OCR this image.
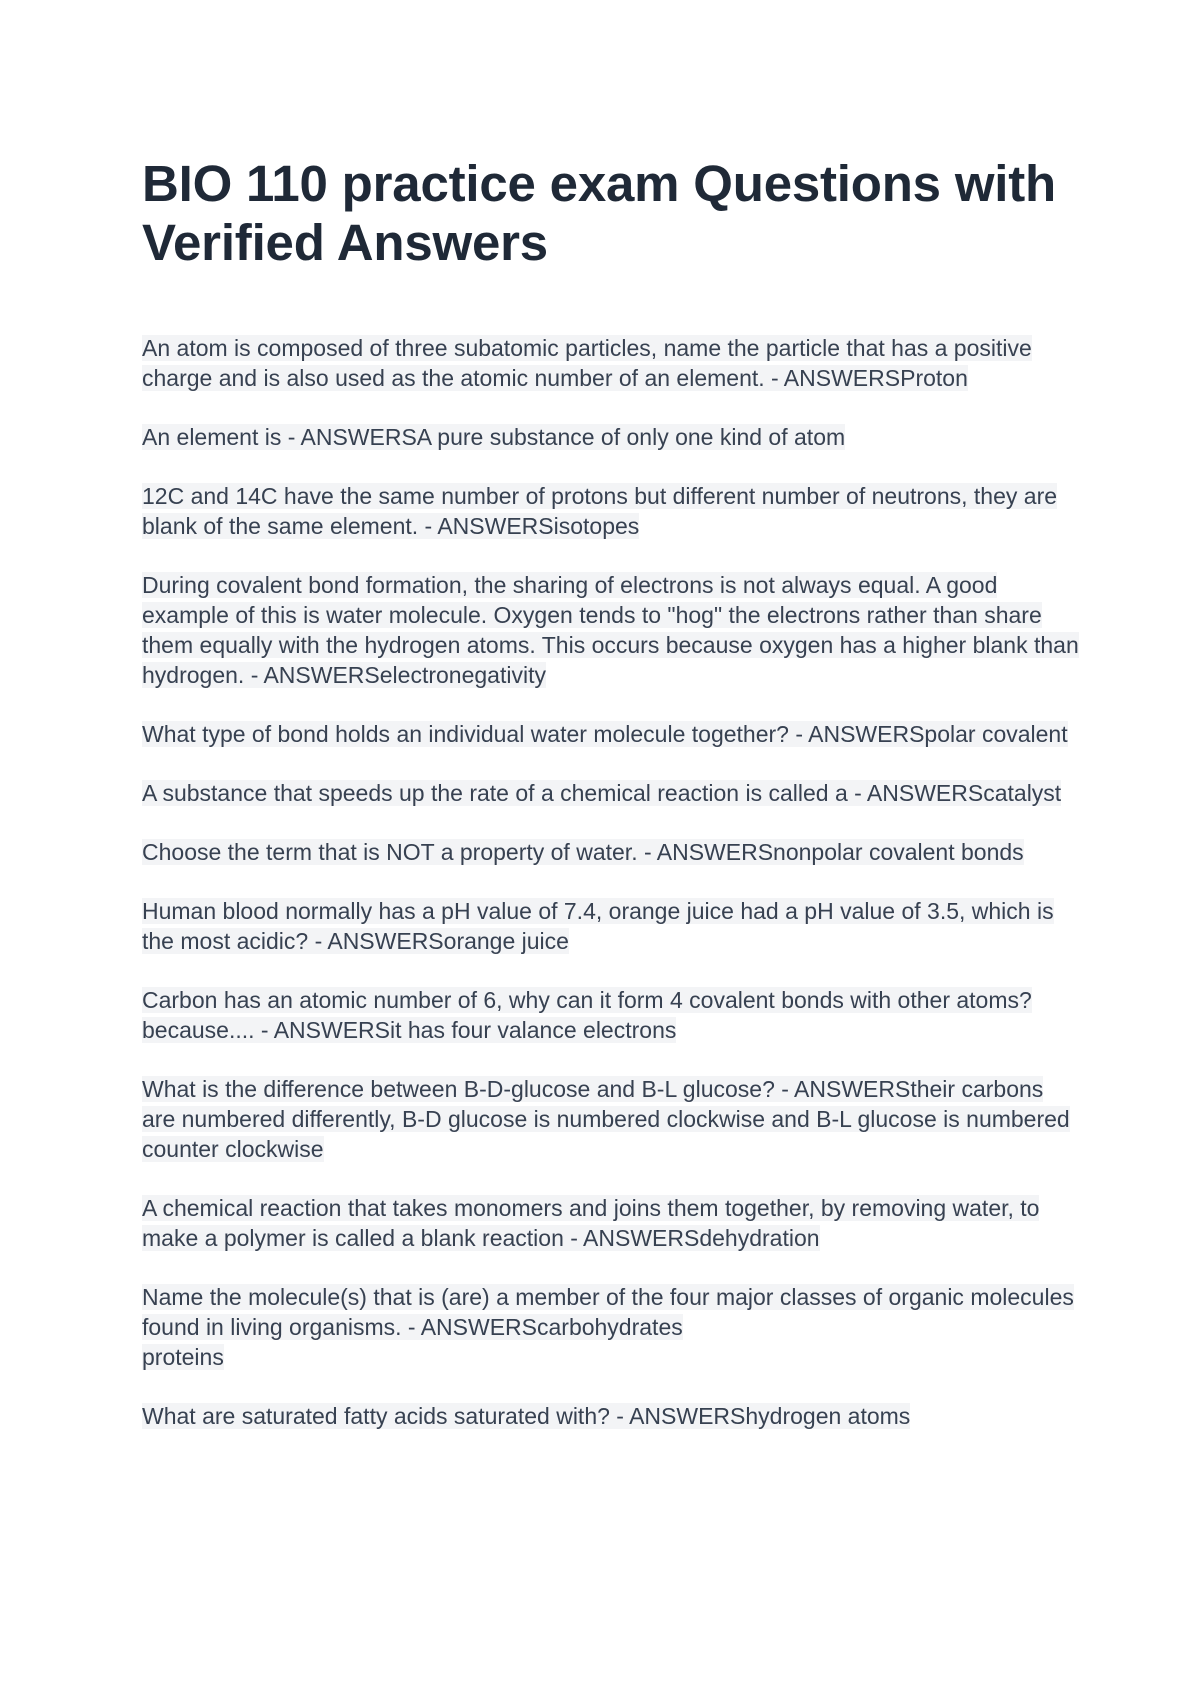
BIO 110 practice exam Questions with Verified Answers
An atom is composed of three subatomic particles, name the particle that has a positive charge and is also used as the atomic number of an element. - ANSWERSProton
An element is - ANSWERSA pure substance of only one kind of atom
12C and 14C have the same number of protons but different number of neutrons, they are blank of the same element. - ANSWERSisotopes
During covalent bond formation, the sharing of electrons is not always equal. A good example of this is water molecule. Oxygen tends to "hog" the electrons rather than share them equally with the hydrogen atoms. This occurs because oxygen has a higher blank than hydrogen. - ANSWERSelectronegativity
What type of bond holds an individual water molecule together? - ANSWERSpolar covalent
A substance that speeds up the rate of a chemical reaction is called a - ANSWERScatalyst
Choose the term that is NOT a property of water. - ANSWERSnonpolar covalent bonds
Human blood normally has a pH value of 7.4, orange juice had a pH value of 3.5, which is the most acidic? - ANSWERSorange juice
Carbon has an atomic number of 6, why can it form 4 covalent bonds with other atoms? because.... - ANSWERSit has four valance electrons
What is the difference between B-D-glucose and B-L glucose? - ANSWERStheir carbons are numbered differently, B-D glucose is numbered clockwise and B-L glucose is numbered counter clockwise
A chemical reaction that takes monomers and joins them together, by removing water, to make a polymer is called a blank reaction - ANSWERSdehydration
Name the molecule(s) that is (are) a member of the four major classes of organic molecules found in living organisms. - ANSWERScarbohydrates
proteins
What are saturated fatty acids saturated with? - ANSWERShydrogen atoms
